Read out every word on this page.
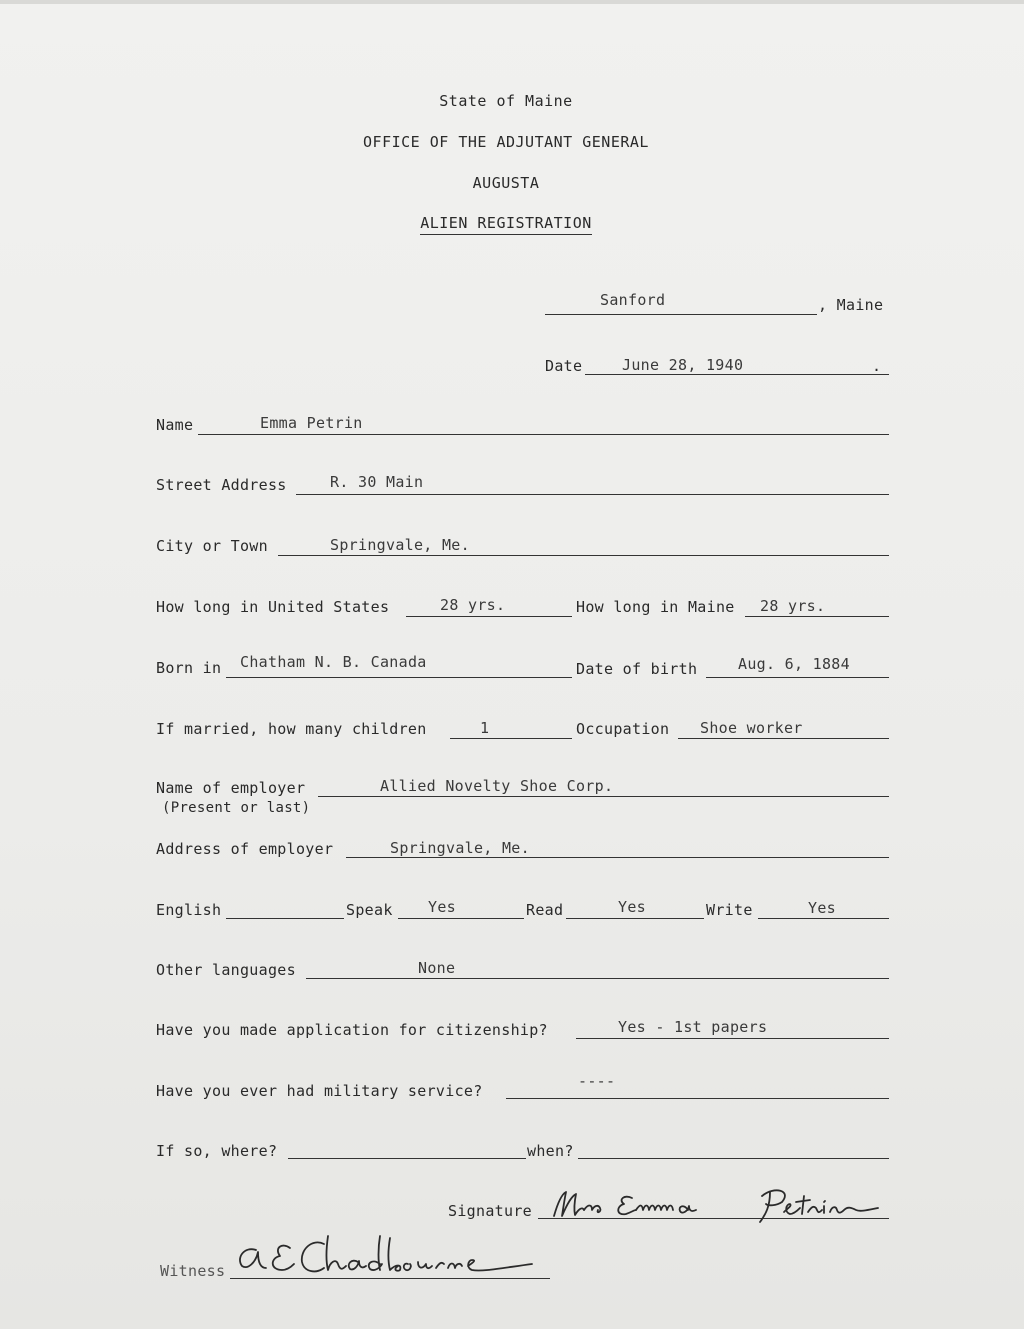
State of Maine
OFFICE OF THE ADJUTANT GENERAL
AUGUSTA
ALIEN REGISTRATION
Sanford	, Maine
Date	June 28, 1940	.
Name	Emma Petrin
Street Address	R. 30 Main
City or Town	Springvale, Me.
How long in United States	28 yrs.	How long in Maine 28 yrs.
Born in Chatham N. B. Canada	Date of birth	Aug. 6, 1884
If married, how many children	1	Occupation Shoe worker
Name of employer
(Present or last)
Allied Novelty Shoe Corp.
Address of employer	Springvale, Me.
English	Speak Yes	Read	Yes	Write	Yes
Other languages	None
Have you made application for citizenship?	Yes - 1st papers
Have you ever had military service?
----
If so, where?	when?
Signature
Witness
